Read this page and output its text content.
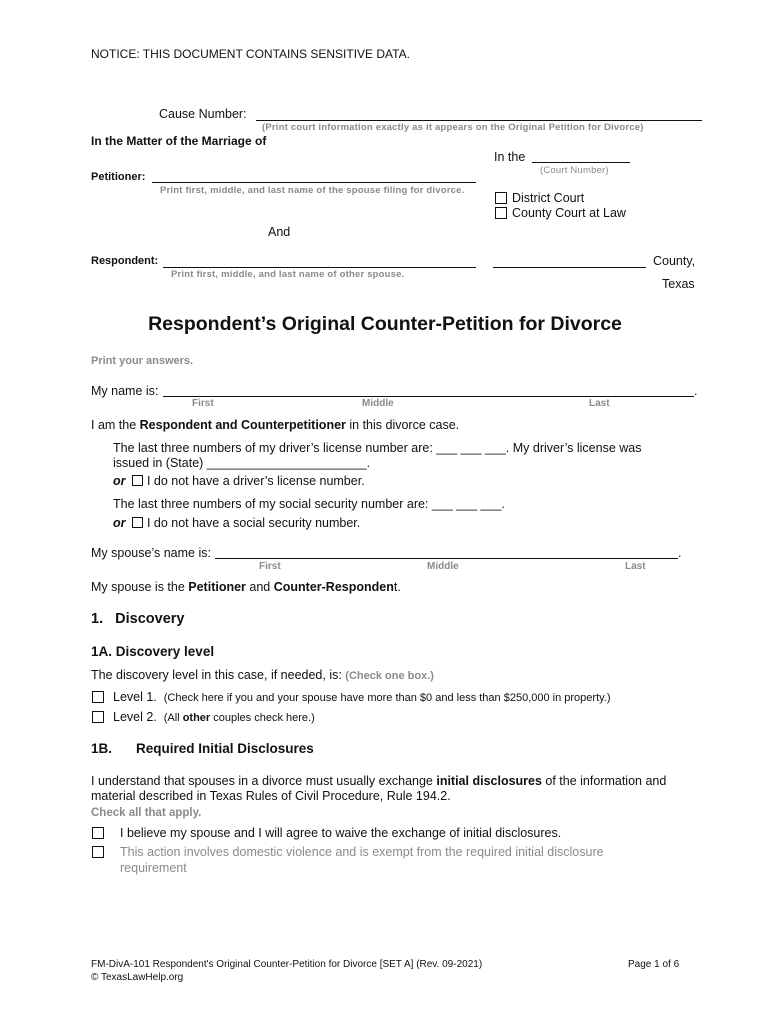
NOTICE: THIS DOCUMENT CONTAINS SENSITIVE DATA.
Cause Number:
(Print court information exactly as it appears on the Original Petition for Divorce)
In the Matter of the Marriage of
In the
(Court Number)
Petitioner:
Print first, middle, and last name of the spouse filing for divorce.
District Court
County Court at Law
And
Respondent:
Print first, middle, and last name of other spouse.
County,
Texas
Respondent’s Original Counter-Petition for Divorce
Print your answers.
My name is:	.
First	Middle	Last
I am the Respondent and Counterpetitioner in this divorce case.
The last three numbers of my driver’s license number are: ___ ___ ___. My driver’s license was
issued in (State) _______________________.
or I do not have a driver’s license number.
The last three numbers of my social security number are: ___ ___ ___.
or I do not have a social security number.
My spouse’s name is:	.
First	Middle	Last
My spouse is the Petitioner and Counter-Respondent.
1.   Discovery
1A. Discovery level
The discovery level in this case, if needed, is: (Check one box.)
Level 1. (Check here if you and your spouse have more than $0 and less than $250,000 in property.)
Level 2. (All other couples check here.)
1B. Required Initial Disclosures
I understand that spouses in a divorce must usually exchange initial disclosures of the information and
material described in Texas Rules of Civil Procedure, Rule 194.2.
Check all that apply.
I believe my spouse and I will agree to waive the exchange of initial disclosures.
This action involves domestic violence and is exempt from the required initial disclosure
requirement
FM-DivA-101 Respondent's Original Counter-Petition for Divorce [SET A] (Rev. 09-2021)
© TexasLawHelp.org
Page 1 of 6
